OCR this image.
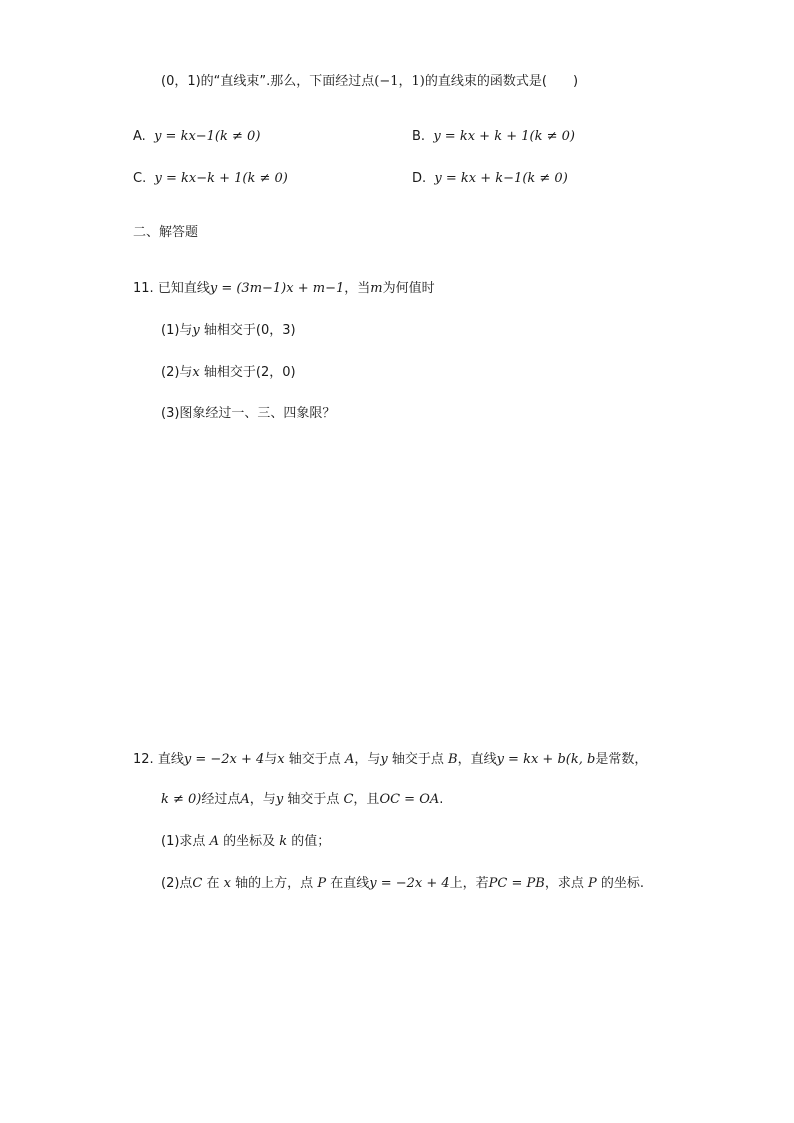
(0，1)的“直线束”.那么，下面经过点(−1，1)的直线束的函数式是( )
A. y = kx−1(k ≠ 0)	B. y = kx + k + 1(k ≠ 0)
C. y = kx−k + 1(k ≠ 0)	D. y = kx + k−1(k ≠ 0)
二、解答题
11. 已知直线y = (3m−1)x + m−1，当m为何值时
(1)与y 轴相交于(0，3)
(2)与x 轴相交于(2，0)
(3)图象经过一、三、四象限？
12. 直线y = −2x + 4与x 轴交于点 A，与y 轴交于点 B，直线y = kx + b(k, b是常数，
k ≠ 0)经过点A，与y 轴交于点 C，且OC = OA.
(1)求点 A 的坐标及 k 的值；
(2)点C 在 x 轴的上方，点 P 在直线y = −2x + 4上，若PC = PB，求点 P 的坐标.
